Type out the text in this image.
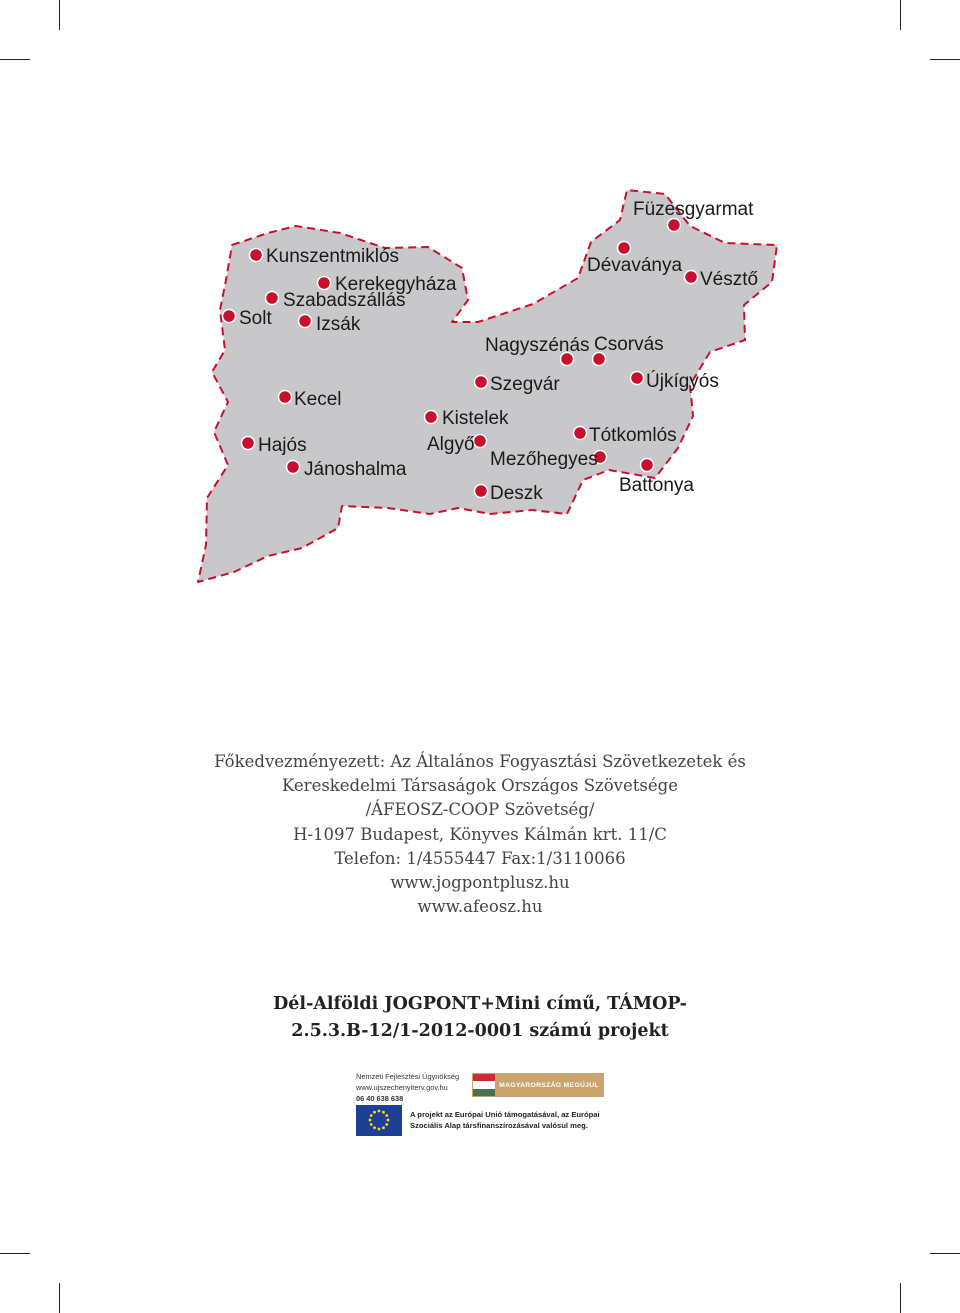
Füzesgyarmat
Dévaványa
Vésztő
Kunszentmiklós
Kerekegyháza
Szabadszállás
Solt Izsák
Nagyszénás Csorvás
Szegvár	Újkígyós
Kecel
Kistelek
Tótkomlós
Hajós	Algyő
Mezőhegyes
Jánoshalma
Battonya
Deszk
Főkedvezményezett: Az Általános Fogyasztási Szövetkezetek és
Kereskedelmi Társaságok Országos Szövetsége
/ÁFEOSZ-COOP Szövetség/
H-1097 Budapest, Könyves Kálmán krt. 11/C
Telefon: 1/4555447 Fax:1/3110066
www.jogpontplusz.hu
www.afeosz.hu
Dél-Alföldi JOGPONT+Mini című, TÁMOP-
2.5.3.B-12/1-2012-0001 számú projekt
Nemzeti Fejlesztési Ügynökség
www.ujszechenyiterv.gov.hu
06 40 638 638
MAGYARORSZÁG MEGÚJUL
A projekt az Európai Unió támogatásával, az Európai
Szociális Alap társfinanszírozásával valósul meg.
